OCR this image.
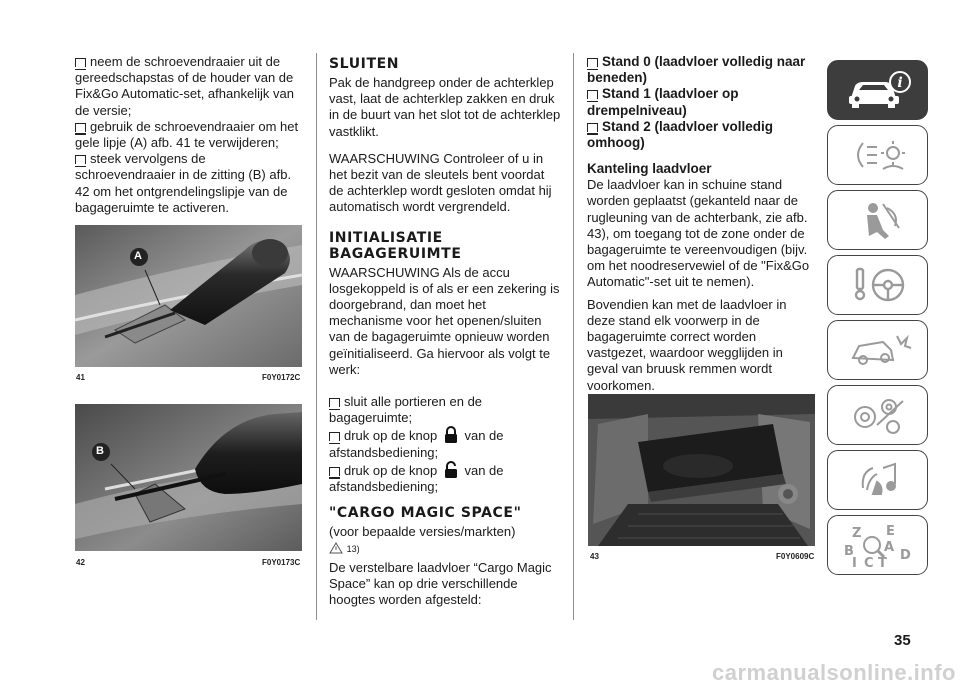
neem de schroevendraaier uit de gereedschapstas of de houder van de Fix&Go Automatic-set, afhankelijk van de versie;
gebruik de schroevendraaier om het gele lipje (A) afb. 41 te verwijderen;
steek vervolgens de schroevendraaier in de zitting (B) afb. 42 om het ontgrendelingslipje van de bagageruimte te activeren.
A
41	F0Y0172C
B
42	F0Y0173C
SLUITEN

Pak de handgreep onder de achterklep vast, laat de achterklep zakken en druk in de buurt van het slot tot de achterklep vastklikt.

WAARSCHUWING Controleer of u in het bezit van de sleutels bent voordat de achterklep wordt gesloten omdat hij automatisch wordt vergrendeld.

INITIALISATIE BAGAGERUIMTE

WAARSCHUWING Als de accu losgekoppeld is of als er een zekering is doorgebrand, dan moet het mechanisme voor het openen/sluiten van de bagageruimte opnieuw worden geïnitialiseerd. Ga hiervoor als volgt te werk:

sluit alle portieren en de bagageruimte;
druk op de knop van de afstandsbediening;
druk op de knop van de afstandsbediening;
"CARGO MAGIC SPACE"
(voor bepaalde versies/markten)
13)

De verstelbare laadvloer “Cargo Magic Space” kan op drie verschillende hoogtes worden afgesteld:

Stand 0 (laadvloer volledig naar beneden)
Stand 1 (laadvloer op drempelniveau)
Stand 2 (laadvloer volledig omhoog)
Kanteling laadvloer

De laadvloer kan in schuine stand worden geplaatst (gekanteld naar de rugleuning van de achterbank, zie afb. 43), om toegang tot de zone onder de bagageruimte te vereenvoudigen (bijv. om het noodreservewiel of de "Fix&Go Automatic"-set uit te nemen).

Bovendien kan met de laadvloer in deze stand elk voorwerp in de bagageruimte correct worden vastgezet, waardoor wegglijden in geval van bruusk remmen wordt voorkomen.

43	F0Y0609C
i
Z E
A
B	D
I C T
35
carmanualsonline.info
